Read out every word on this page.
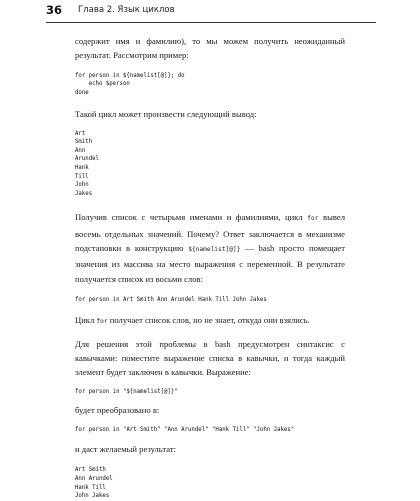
36 Глава 2. Язык циклов

содержит имя и фамилию), то мы можем получить неожиданный результат. Рассмотрим пример:

for person in ${namelist[@]}; do
echo $person
done

Такой цикл может произвести следующий вывод:

Art
Smith
Ann
Arundel
Hank
Till
John
Jakes

Получив список с четырьмя именами и фамилиями, цикл for вывел восемь отдельных значений. Почему? Ответ заключается в механизме подстановки в конструкцию ${namelist[@]} — bash просто помещает значения из массива на место выражения с переменной. В результате получается список из восьми слов:

for person in Art Smith Ann Arundel Hank Till John Jakes

Цикл for получает список слов, но не знает, откуда они взялись.

Для решения этой проблемы в bash предусмотрен синтаксис с кавычками: поместите выражение списка в кавычки, и тогда каждый элемент будет заключен в кавычки. Выражение:

for person in "${namelist[@]}"

будет преобразовано в:

for person in "Art Smith" "Ann Arundel" "Hank Till" "John Jakes"

и даст желаемый результат:

Art Smith
Ann Arundel
Hank Till
John Jakes
